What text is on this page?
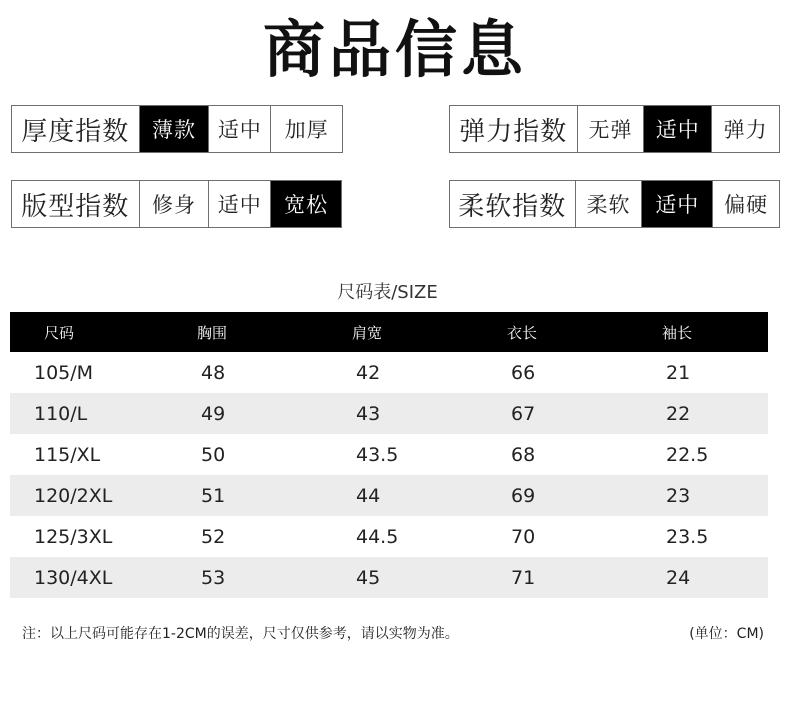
商品信息
厚度指数	薄款	适中	加厚	弹力指数	无弹	适中	弹力
版型指数	修身	适中	宽松	柔软指数 柔软	适中	偏硬
尺码表/SIZE
尺码	胸围	肩宽	衣长	袖长
105/M	48	42	66	21
110/L	49	43	67	22
115/XL	50	43.5	68	22.5
120/2XL	51	44	69	23
125/3XL	52	44.5	70	23.5
130/4XL	53	45	71	24
注：以上尺码可能存在1-2CM的误差，尺寸仅供参考，请以实物为准。	(单位：CM)
